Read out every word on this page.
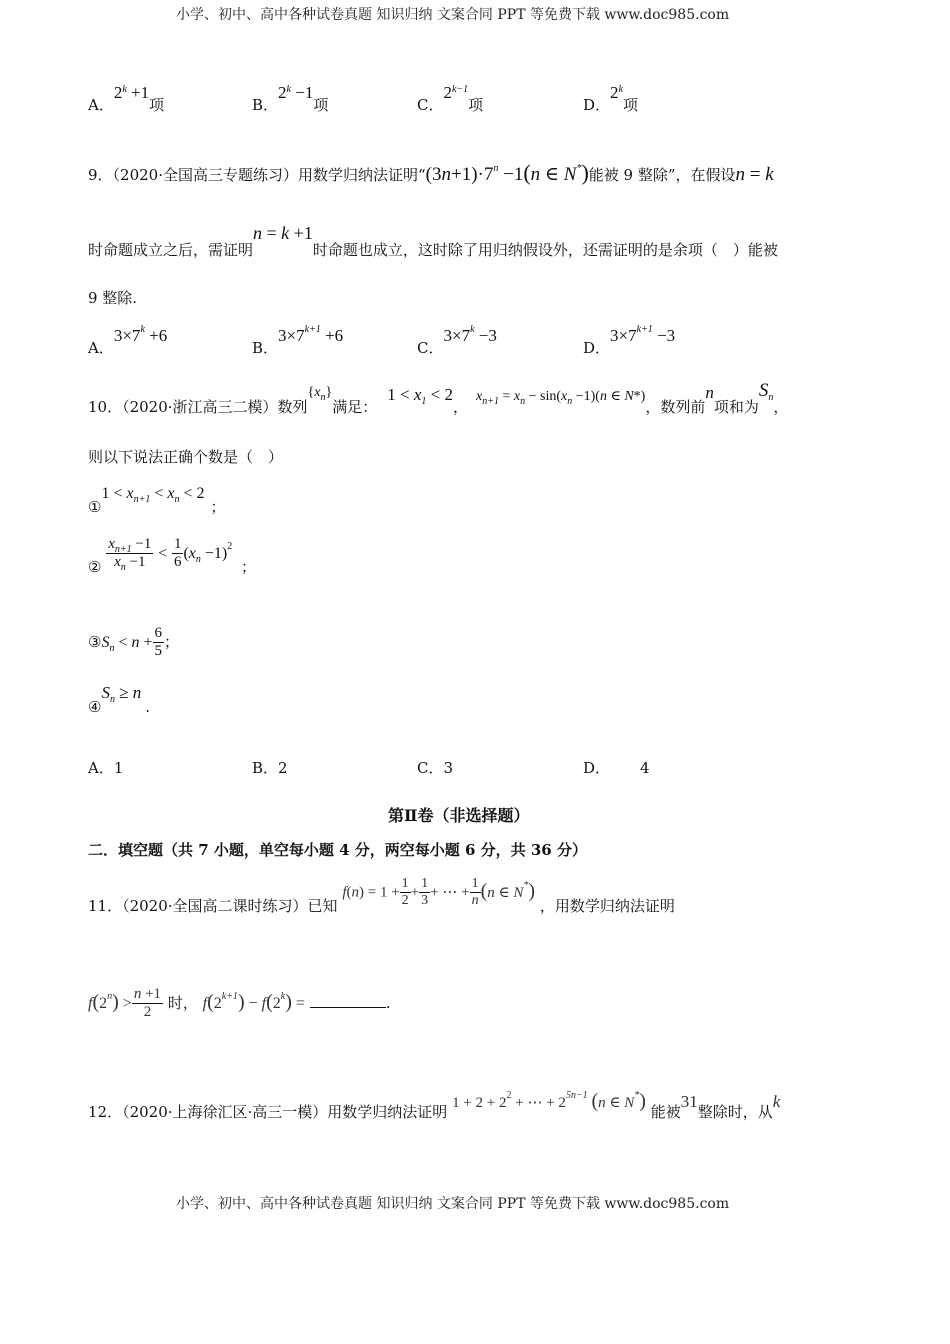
小学、初中、高中各种试卷真题 知识归纳 文案合同 PPT 等免费下载 www.doc985.com
小学、初中、高中各种试卷真题 知识归纳 文案合同 PPT 等免费下载 www.doc985.com
A．$2^k +1$项	B．$2^k -1$项	C．$2^{k-1}$项	D．2$^k$项
9．（2020·全国高三专题练习）用数学归纳法证明“$(3n+1)\cdot 7^n -1(n$ ∈ N*)能被 9 整除”，在假设n = k
时命题成立之后，需证明n = k +1时命题也成立，这时除了用归纳假设外，还需证明的是余项（　）能被
9 整除.
A．$3\times 7^k +6$
B．$3\times 7^{k+1} +6$
C．$3\times 7^k -3$
D．$3\times 7^{k+1} -3$
10．（2020·浙江高三二模）数列$\{x_n\}$满足：$1 < x_1 < 2$，$x_{n+1} = x_n - \sin(x_n -1)(n$ ∈ N*)，数列前n项和为$S_n$，
则以下说法正确个数是（　）
①1 < $x_{n+1} < x_n < 2$；
② $\frac{x_{n+1} -1}{x_n -1} < \frac{1}{6} (x_n -1)^2$ ；
$③S_n < n + \frac{6}{5}$ ；
$④S_n \ge n$.
A．1	B．2	C．3	D． 4
第Ⅱ卷（非选择题）
二．填空题（共 7 小题，单空每小题 4 分，两空每小题 6 分，共 36 分）
11．（2020·全国高二课时练习）已知 $f(n) = 1 + \frac{1}{2} + \frac{1}{3}$ + ⋯ + $\frac{1}{n} (n$ ∈ N*) ，用数学归纳法证明
$f(2^n) > \frac{n +1}{2}$ 时， $f(2^{k+1}) - f(2^k)$ =	.
12．（2020·上海徐汇区·高三一模）用数学归纳法证明 $1 + 2 + 2^2$ + ⋯ + $2^{5n-1}$ (n ∈ N*) 能被31整除时，从k
